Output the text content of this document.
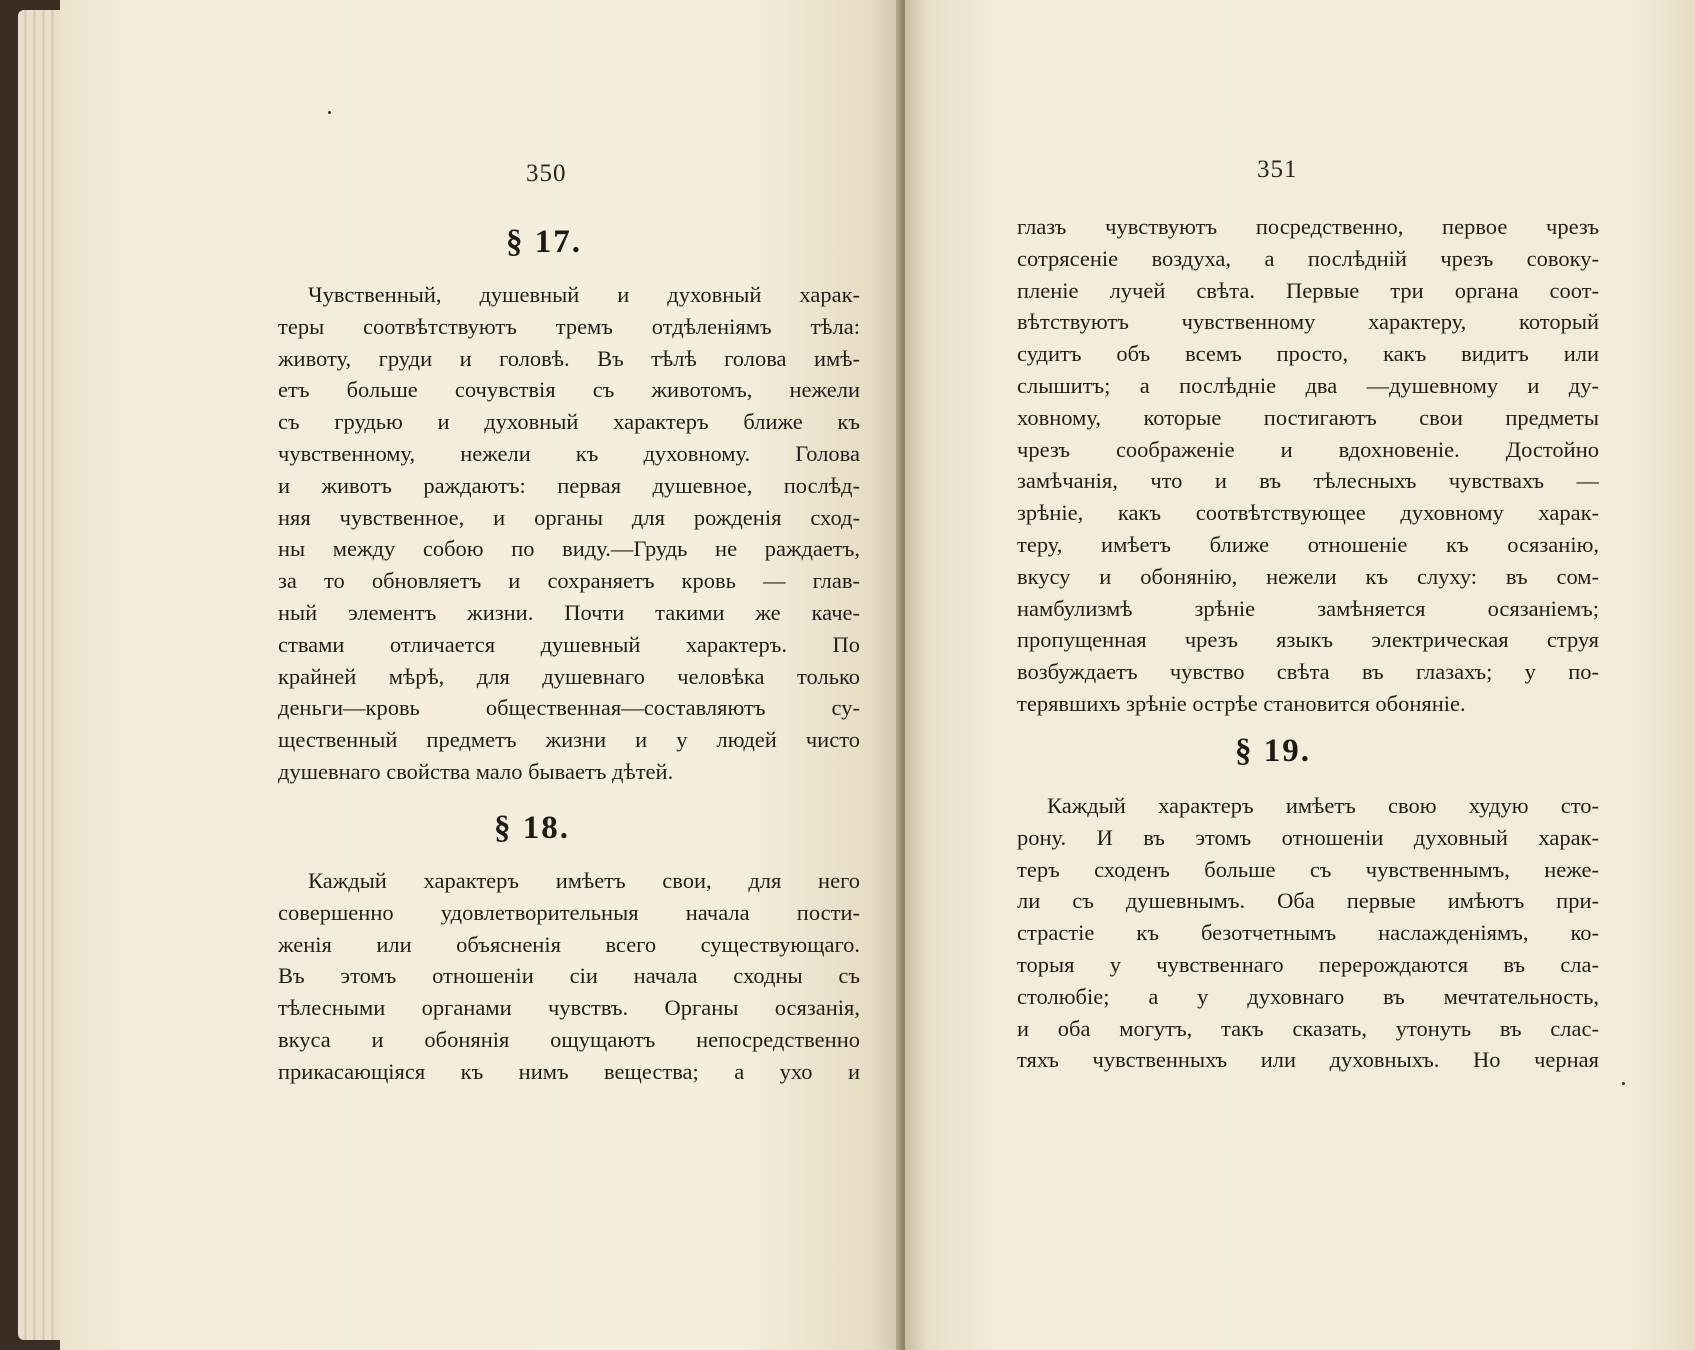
350
§ 17.
Чувственный, душевный и духовный харак-
теры соотвѣтствуютъ тремъ отдѣленіямъ тѣла:
животу, груди и головѣ. Въ тѣлѣ голова имѣ-
етъ больше сочувствія съ животомъ, нежели
съ грудью и духовный характеръ ближе къ
чувственному, нежели къ духовному. Голова
и животъ раждаютъ: первая душевное, послѣд-
няя чувственное, и органы для рожденія сход-
ны между собою по виду.—Грудь не раждаетъ,
за то обновляетъ и сохраняетъ кровь — глав-
ный элементъ жизни. Почти такими же каче-
ствами отличается душевный характеръ. По
крайней мѣрѣ, для душевнаго человѣка только
деньги—кровь общественная—составляютъ су-
щественный предметъ жизни и у людей чисто
душевнаго свойства мало бываетъ дѣтей.
§ 18.
Каждый характеръ имѣетъ свои, для него
совершенно удовлетворительныя начала пости-
женія или объясненія всего существующаго.
Въ этомъ отношеніи сіи начала сходны съ
тѣлесными органами чувствъ. Органы осязанія,
вкуса и обонянія ощущаютъ непосредственно
прикасающіяся къ нимъ вещества; а ухо и
351
глазъ чувствуютъ посредственно, первое чрезъ
сотрясеніе воздуха, а послѣдній чрезъ совоку-
пленіе лучей свѣта. Первые три органа соот-
вѣтствуютъ чувственному характеру, который
судитъ объ всемъ просто, какъ видитъ или
слышитъ; а послѣдніе два —душевному и ду-
ховному, которые постигаютъ свои предметы
чрезъ соображеніе и вдохновеніе. Достойно
замѣчанія, что и въ тѣлесныхъ чувствахъ —
зрѣніе, какъ соотвѣтствующее духовному харак-
теру, имѣетъ ближе отношеніе къ осязанію,
вкусу и обонянію, нежели къ слуху: въ сом-
намбулизмѣ зрѣніе замѣняется осязаніемъ;
пропущенная чрезъ языкъ электрическая струя
возбуждаетъ чувство свѣта въ глазахъ; у по-
терявшихъ зрѣніе острѣе становится обоняніе.
§ 19.
Каждый характеръ имѣетъ свою худую сто-
рону. И въ этомъ отношеніи духовный харак-
теръ сходенъ больше съ чувственнымъ, неже-
ли съ душевнымъ. Оба первые имѣютъ при-
страстіе къ безотчетнымъ наслажденіямъ, ко-
торыя у чувственнаго перерождаются въ сла-
столюбіе; а у духовнаго въ мечтательность,
и оба могутъ, такъ сказать, утонуть въ слас-
тяхъ чувственныхъ или духовныхъ. Но черная
